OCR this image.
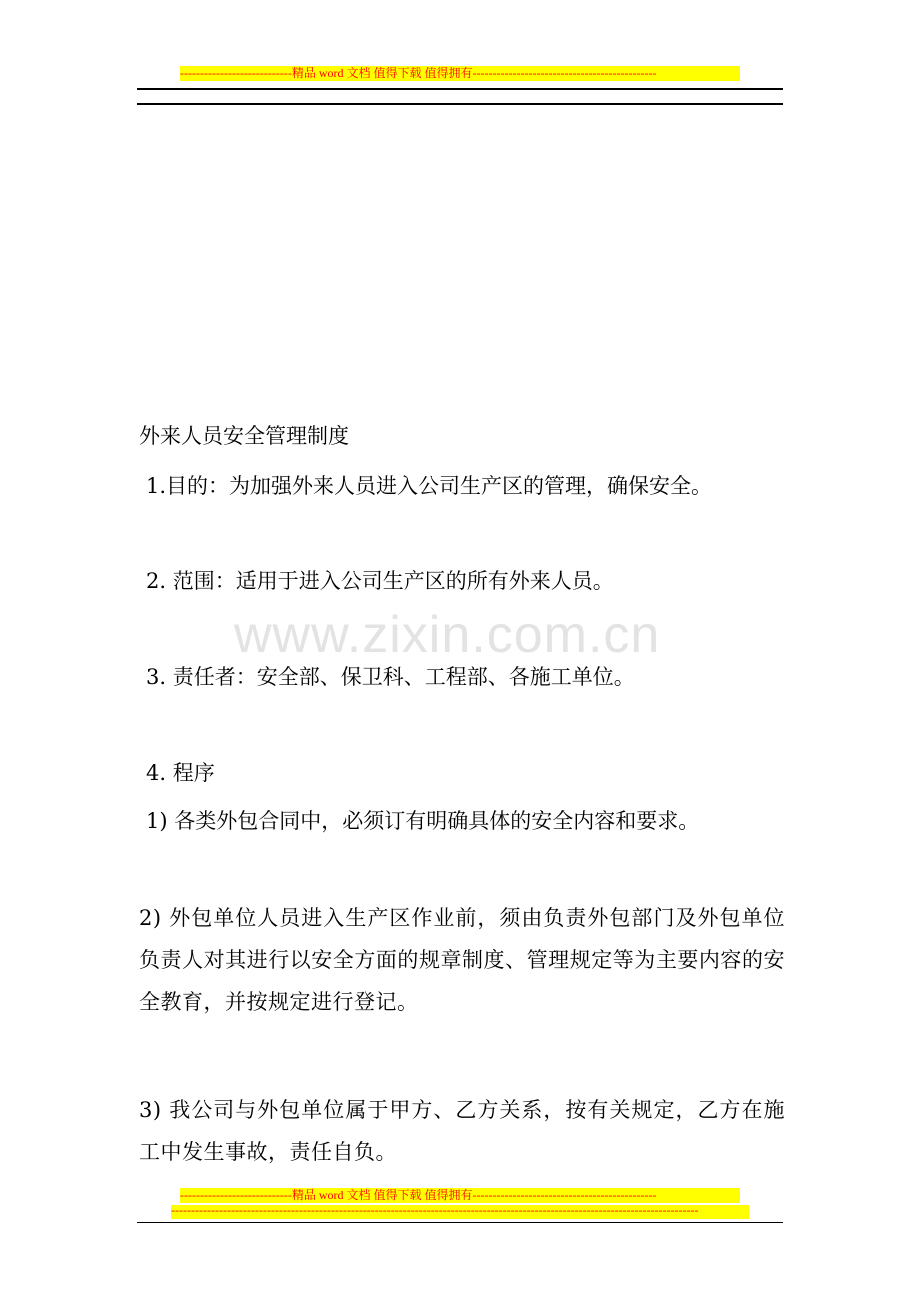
----------------------------精品 word 文档 值得下载 值得拥有----------------------------------------------
www.zixin.com.cn
外来人员安全管理制度
1.目的：为加强外来人员进入公司生产区的管理，确保安全。
2. 范围：适用于进入公司生产区的所有外来人员。
3. 责任者：安全部、保卫科、工程部、各施工单位。
4. 程序
1) 各类外包合同中，必须订有明确具体的安全内容和要求。
2) 外包单位人员进入生产区作业前，须由负责外包部门及外包单位负责人对其进行以安全方面的规章制度、管理规定等为主要内容的安全教育，并按规定进行登记。
3) 我公司与外包单位属于甲方、乙方关系，按有关规定，乙方在施工中发生事故，责任自负。
----------------------------精品 word 文档 值得下载 值得拥有----------------------------------------------
------------------------------------------------------------------------------------------------------------------------------------
